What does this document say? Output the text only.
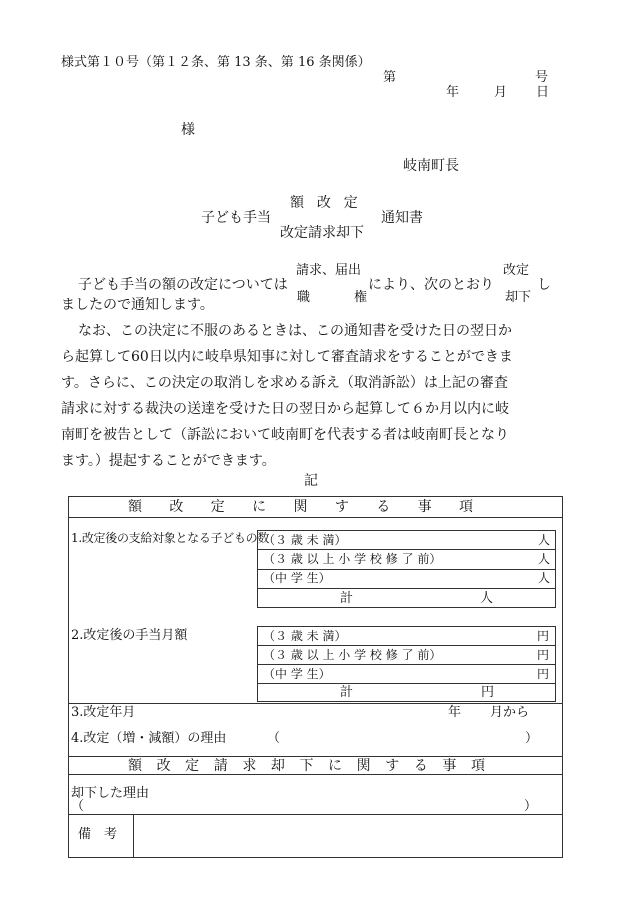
様式第１０号（第１２条、第 13 条、第 16 条関係）
第	号
年	月 日
様
岐南町長
額 改 定
子ども手当	通知書
改定請求却下
請求、届出	改定
子ども手当の額の改定については	により、次のとおり	し
職	権	却下
ましたので通知します。
なお、この決定に不服のあるときは、この通知書を受けた日の翌日か
ら起算して60日以内に岐阜県知事に対して審査請求をすることができま
す。さらに、この決定の取消しを求める訴え（取消訴訟）は上記の審査
請求に対する裁決の送達を受けた日の翌日から起算して６か月以内に岐
南町を被告として（訴訟において岐南町を代表する者は岐南町長となり
ます。）提起することができます。
記
額 改 定 に 関 す る 事 項
1.改定後の支給対象となる子どもの数
（３ 歳 未 満）	人
（３ 歳 以 上 小 学 校 修 了 前）	人
（中 学 生）	人
計	人
2.改定後の手当月額	（３ 歳 未 満）	円
（３ 歳 以 上 小 学 校 修 了 前）	円
（中 学 生）	円
計	円
3.改定年月	年 月から
4.改定（増・減額）の理由	（	）
額 改 定 請 求 却 下 に 関 す る 事 項
却下した理由
（	）
備　考
